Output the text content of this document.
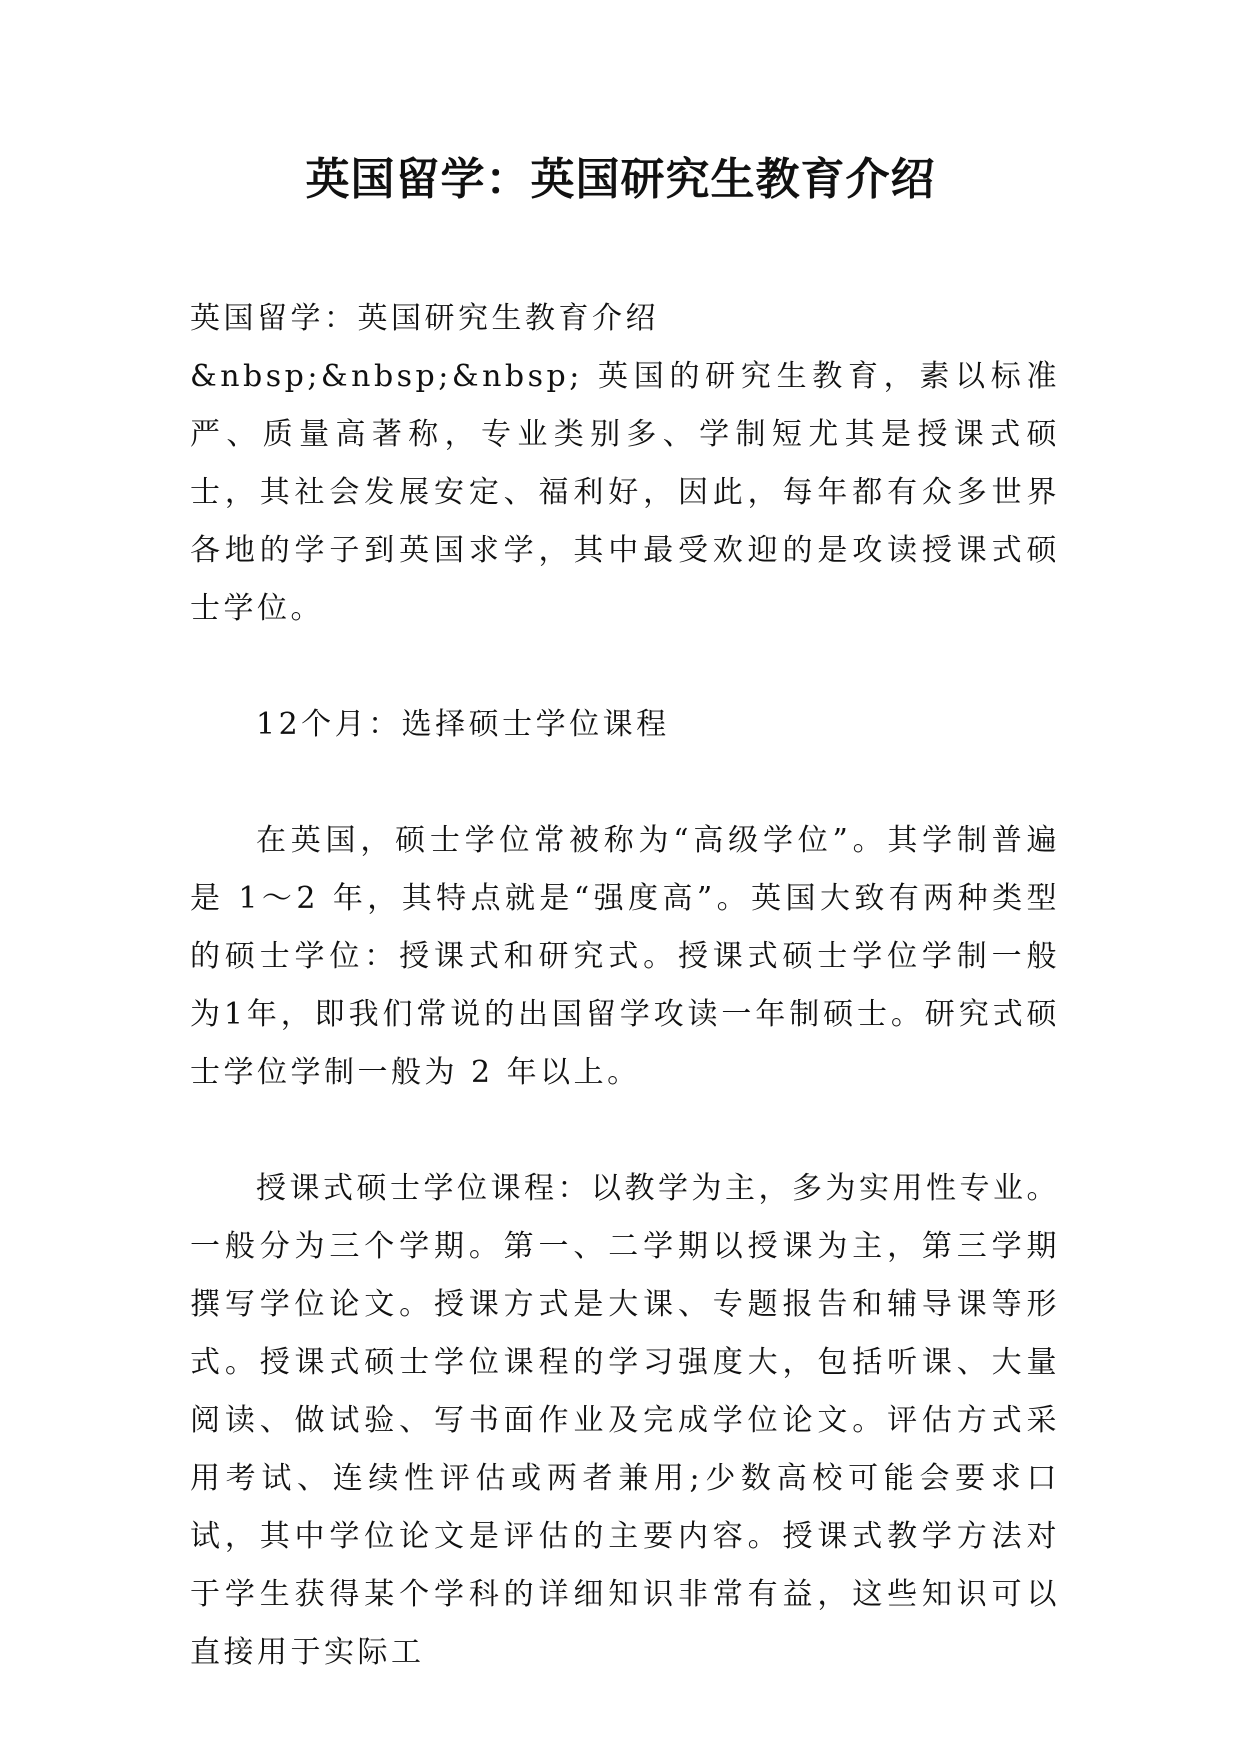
英国留学：英国研究生教育介绍

英国留学：英国研究生教育介绍

&nbsp;&nbsp;&nbsp; 英国的研究生教育，素以标准严、质量高著称，专业类别多、学制短尤其是授课式硕士，其社会发展安定、福利好，因此，每年都有众多世界各地的学子到英国求学，其中最受欢迎的是攻读授课式硕士学位。

12个月：选择硕士学位课程

在英国，硕士学位常被称为“高级学位”。其学制普遍是 1～2 年，其特点就是“强度高”。英国大致有两种类型的硕士学位：授课式和研究式。授课式硕士学位学制一般为1年，即我们常说的出国留学攻读一年制硕士。研究式硕士学位学制一般为 2 年以上。

授课式硕士学位课程：以教学为主，多为实用性专业。一般分为三个学期。第一、二学期以授课为主，第三学期撰写学位论文。授课方式是大课、专题报告和辅导课等形式。授课式硕士学位课程的学习强度大，包括听课、大量阅读、做试验、写书面作业及完成学位论文。评估方式采用考试、连续性评估或两者兼用;少数高校可能会要求口试，其中学位论文是评估的主要内容。授课式教学方法对于学生获得某个学科的详细知识非常有益，这些知识可以直接用于实际工
